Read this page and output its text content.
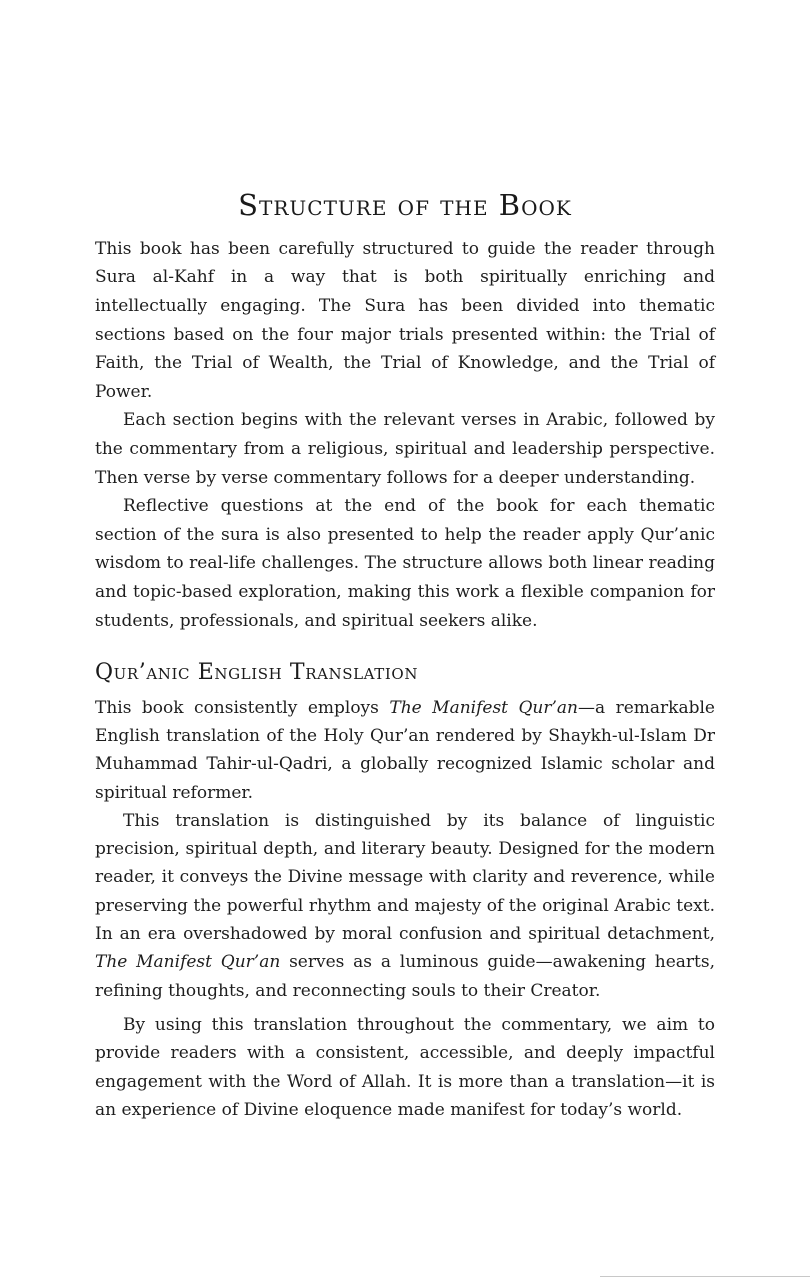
Structure of the Book

This book has been carefully structured to guide the reader through Sura al-Kahf in a way that is both spiritually enriching and intellectually engaging. The Sura has been divided into thematic sections based on the four major trials presented within: the Trial of Faith, the Trial of Wealth, the Trial of Knowledge, and the Trial of Power.

Each section begins with the relevant verses in Arabic, followed by the commentary from a religious, spiritual and leadership perspective. Then verse by verse commentary follows for a deeper understanding.

Reflective questions at the end of the book for each thematic section of the sura is also presented to help the reader apply Qur’anic wisdom to real-life challenges. The structure allows both linear reading and topic-based exploration, making this work a flexible companion for students, professionals, and spiritual seekers alike.

Qur’anic English Translation

This book consistently employs The Manifest Qur’an—a remarkable English translation of the Holy Qur’an rendered by Shaykh-ul-Islam Dr Muhammad Tahir-ul-Qadri, a globally recognized Islamic scholar and spiritual reformer.

This translation is distinguished by its balance of linguistic precision, spiritual depth, and literary beauty. Designed for the modern reader, it conveys the Divine message with clarity and reverence, while preserving the powerful rhythm and majesty of the original Arabic text. In an era overshadowed by moral confusion and spiritual detachment, The Manifest Qur’an serves as a luminous guide—awakening hearts, refining thoughts, and reconnecting souls to their Creator.

By using this translation throughout the commentary, we aim to provide readers with a consistent, accessible, and deeply impactful engagement with the Word of Allah. It is more than a translation—it is an experience of Divine eloquence made manifest for today’s world.
